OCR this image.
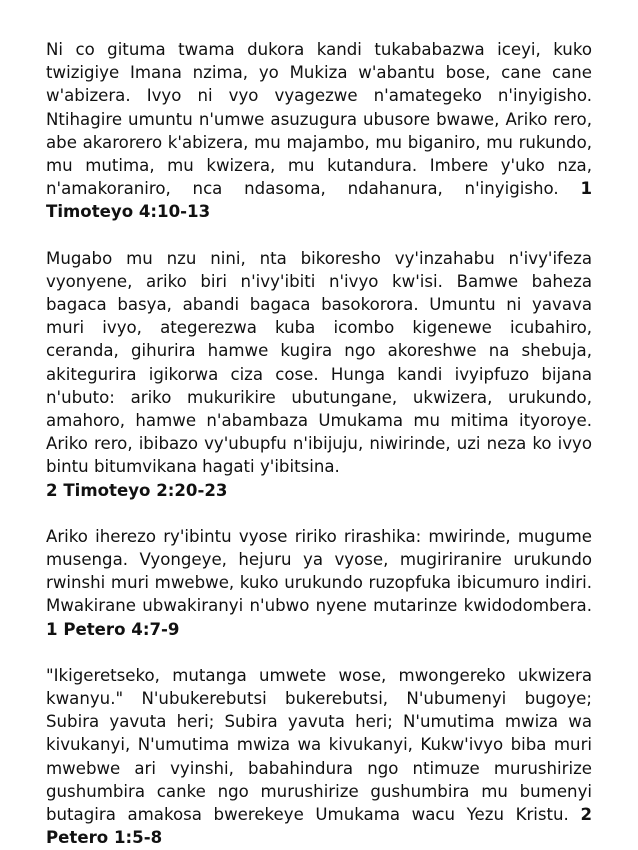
Ni co gituma twama dukora kandi tukababazwa iceyi, kuko twizigiye Imana nzima, yo Mukiza w'abantu bose, cane cane w'abizera. Ivyo ni vyo vyagezwe n'amategeko n'inyigisho. Ntihagire umuntu n'umwe asuzugura ubusore bwawe, Ariko rero, abe akarorero k'abizera, mu majambo, mu biganiro, mu rukundo, mu mutima, mu kwizera, mu kutandura. Imbere y'uko nza, n'amakoraniro, nca ndasoma, ndahanura, n'inyigisho. 1 Timoteyo 4:10-13

Mugabo mu nzu nini, nta bikoresho vy'inzahabu n'ivy'ifeza vyonyene, ariko biri n'ivy'ibiti n'ivyo kw'isi. Bamwe baheza bagaca basya, abandi bagaca basokorora. Umuntu ni yavava muri ivyo, ategerezwa kuba icombo kigenewe icubahiro, ceranda, gihurira hamwe kugira ngo akoreshwe na shebuja, akitegurira igikorwa ciza cose. Hunga kandi ivyipfuzo bijana n'ubuto: ariko mukurikire ubutungane, ukwizera, urukundo, amahoro, hamwe n'abambaza Umukama mu mitima ityoroye. Ariko rero, ibibazo vy'ubupfu n'ibijuju, niwirinde, uzi neza ko ivyo bintu bitumvikana hagati y'ibitsina.
2 Timoteyo 2:20-23

Ariko iherezo ry'ibintu vyose ririko rirashika: mwirinde, mugume musenga. Vyongeye, hejuru ya vyose, mugiriranire urukundo rwinshi muri mwebwe, kuko urukundo ruzopfuka ibicumuro indiri. Mwakirane ubwakiranyi n'ubwo nyene mutarinze kwidodombera. 1 Petero 4:7-9

"Ikigeretseko, mutanga umwete wose, mwongereko ukwizera kwanyu." N'ubukerebutsi bukerebutsi, N'ubumenyi bugoye; Subira yavuta heri; Subira yavuta heri; N'umutima mwiza wa kivukanyi, N'umutima mwiza wa kivukanyi, Kukw'ivyo biba muri mwebwe ari vyinshi, babahindura ngo ntimuze murushirize gushumbira canke ngo murushirize gushumbira mu bumenyi butagira amakosa bwerekeye Umukama wacu Yezu Kristu. 2 Petero 1:5-8
